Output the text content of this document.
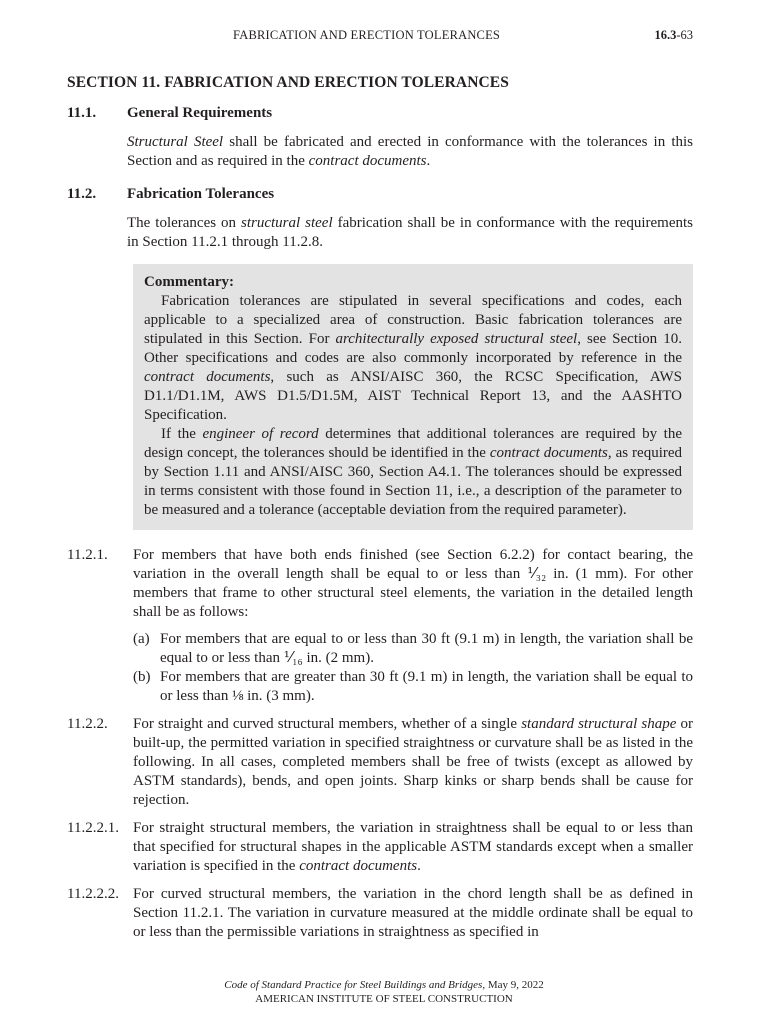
FABRICATION AND ERECTION TOLERANCES	16.3-63
SECTION 11. FABRICATION AND ERECTION TOLERANCES
11.1. General Requirements

Structural Steel shall be fabricated and erected in conformance with the tolerances in this Section and as required in the contract documents.

11.2. Fabrication Tolerances

The tolerances on structural steel fabrication shall be in conformance with the requirements in Section 11.2.1 through 11.2.8.

Commentary:

Fabrication tolerances are stipulated in several specifications and codes, each applicable to a specialized area of construction. Basic fabrication tolerances are stipulated in this Section. For architecturally exposed structural steel, see Section 10. Other specifications and codes are also commonly incorporated by reference in the contract documents, such as ANSI/AISC 360, the RCSC Specification, AWS D1.1/D1.1M, AWS D1.5/D1.5M, AIST Technical Report 13, and the AASHTO Specification.

If the engineer of record determines that additional tolerances are required by the design concept, the tolerances should be identified in the contract documents, as required by Section 1.11 and ANSI/AISC 360, Section A4.1. The tolerances should be expressed in terms consistent with those found in Section 11, i.e., a description of the parameter to be measured and a tolerance (acceptable deviation from the required parameter).

11.2.1. For members that have both ends finished (see Section 6.2.2) for contact bearing, the variation in the overall length shall be equal to or less than ⅟₃₂ in. (1 mm). For other members that frame to other structural steel elements, the variation in the detailed length shall be as follows:
(a) For members that are equal to or less than 30 ft (9.1 m) in length, the variation shall be equal to or less than ⅟₁₆ in. (2 mm).
(b) For members that are greater than 30 ft (9.1 m) in length, the variation shall be equal to or less than ⅛ in. (3 mm).
11.2.2. For straight and curved structural members, whether of a single standard structural shape or built-up, the permitted variation in specified straightness or curvature shall be as listed in the following. In all cases, completed members shall be free of twists (except as allowed by ASTM standards), bends, and open joints. Sharp kinks or sharp bends shall be cause for rejection.
11.2.2.1. For straight structural members, the variation in straightness shall be equal to or less than that specified for structural shapes in the applicable ASTM standards except when a smaller variation is specified in the contract documents.
11.2.2.2. For curved structural members, the variation in the chord length shall be as defined in Section 11.2.1. The variation in curvature measured at the middle ordinate shall be equal to or less than the permissible variations in straightness as specified in
Code of Standard Practice for Steel Buildings and Bridges, May 9, 2022
AMERICAN INSTITUTE OF STEEL CONSTRUCTION
